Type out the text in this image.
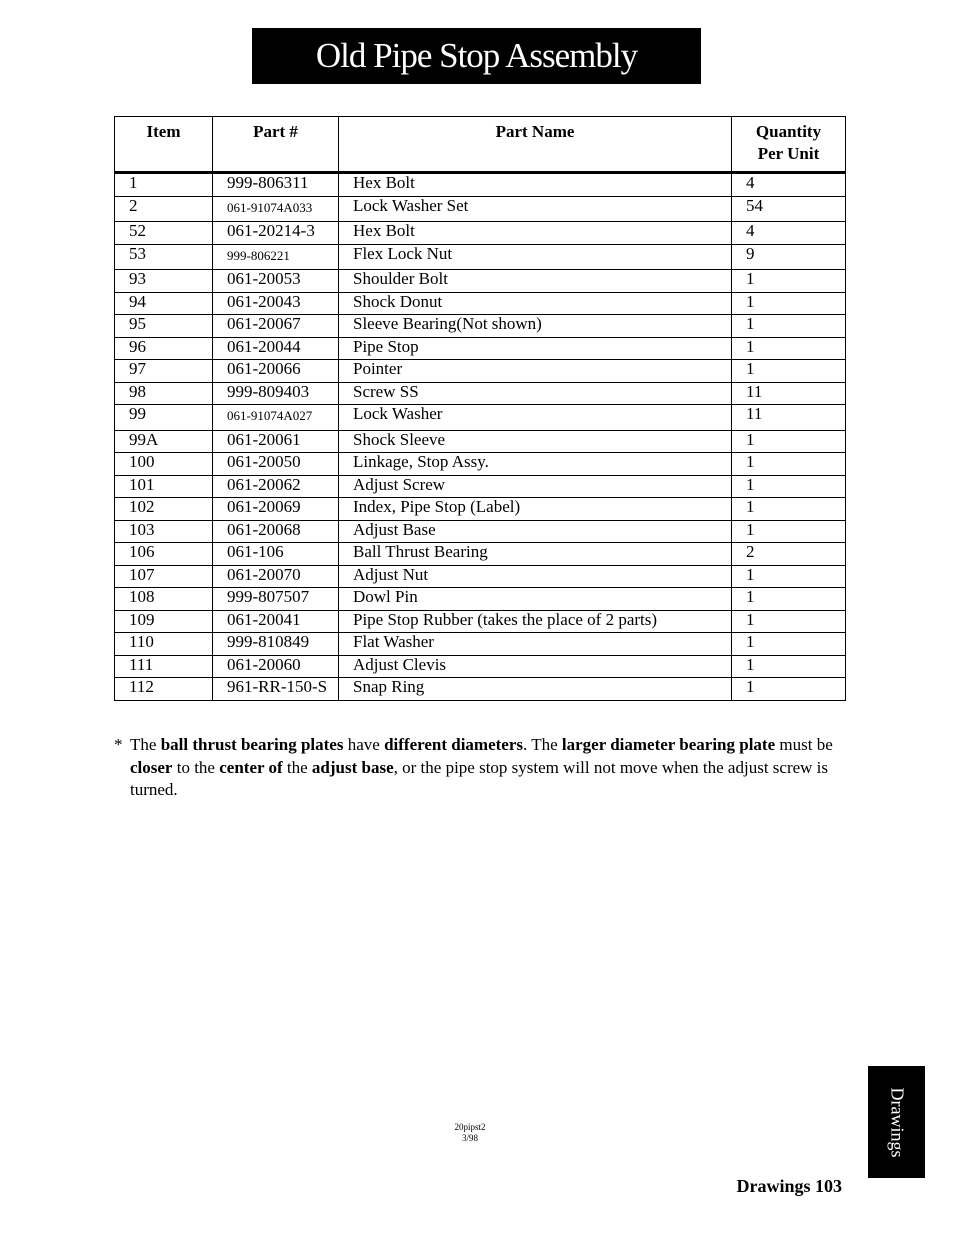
Old Pipe Stop Assembly
Item	Part #	Part Name	Quantity
Per Unit
1	999-806311	Hex Bolt	4
2	061-91074A033	Lock Washer Set	54
52	061-20214-3	Hex Bolt	4
53	999-806221	Flex Lock Nut	9
93	061-20053	Shoulder Bolt	1
94	061-20043	Shock Donut	1
95	061-20067	Sleeve Bearing(Not shown)	1
96	061-20044	Pipe Stop	1
97	061-20066	Pointer	1
98	999-809403	Screw SS	11
99	061-91074A027	Lock Washer	11
99A	061-20061	Shock Sleeve	1
100	061-20050	Linkage, Stop Assy.	1
101	061-20062	Adjust Screw	1
102	061-20069	Index, Pipe Stop (Label)	1
103	061-20068	Adjust Base	1
106	061-106	Ball Thrust Bearing	2
107	061-20070	Adjust Nut	1
108	999-807507	Dowl Pin	1
109	061-20041	Pipe Stop Rubber (takes the place of 2 parts)	1
110	999-810849	Flat Washer	1
111	061-20060	Adjust Clevis	1
112	961-RR-150-S	Snap Ring	1
* The ball thrust bearing plates have different diameters. The larger diameter bearing plate must be closer to the center of the adjust base, or the pipe stop system will not move when the adjust screw is turned.
20pipst2
3/98	Drawings
Drawings 103
